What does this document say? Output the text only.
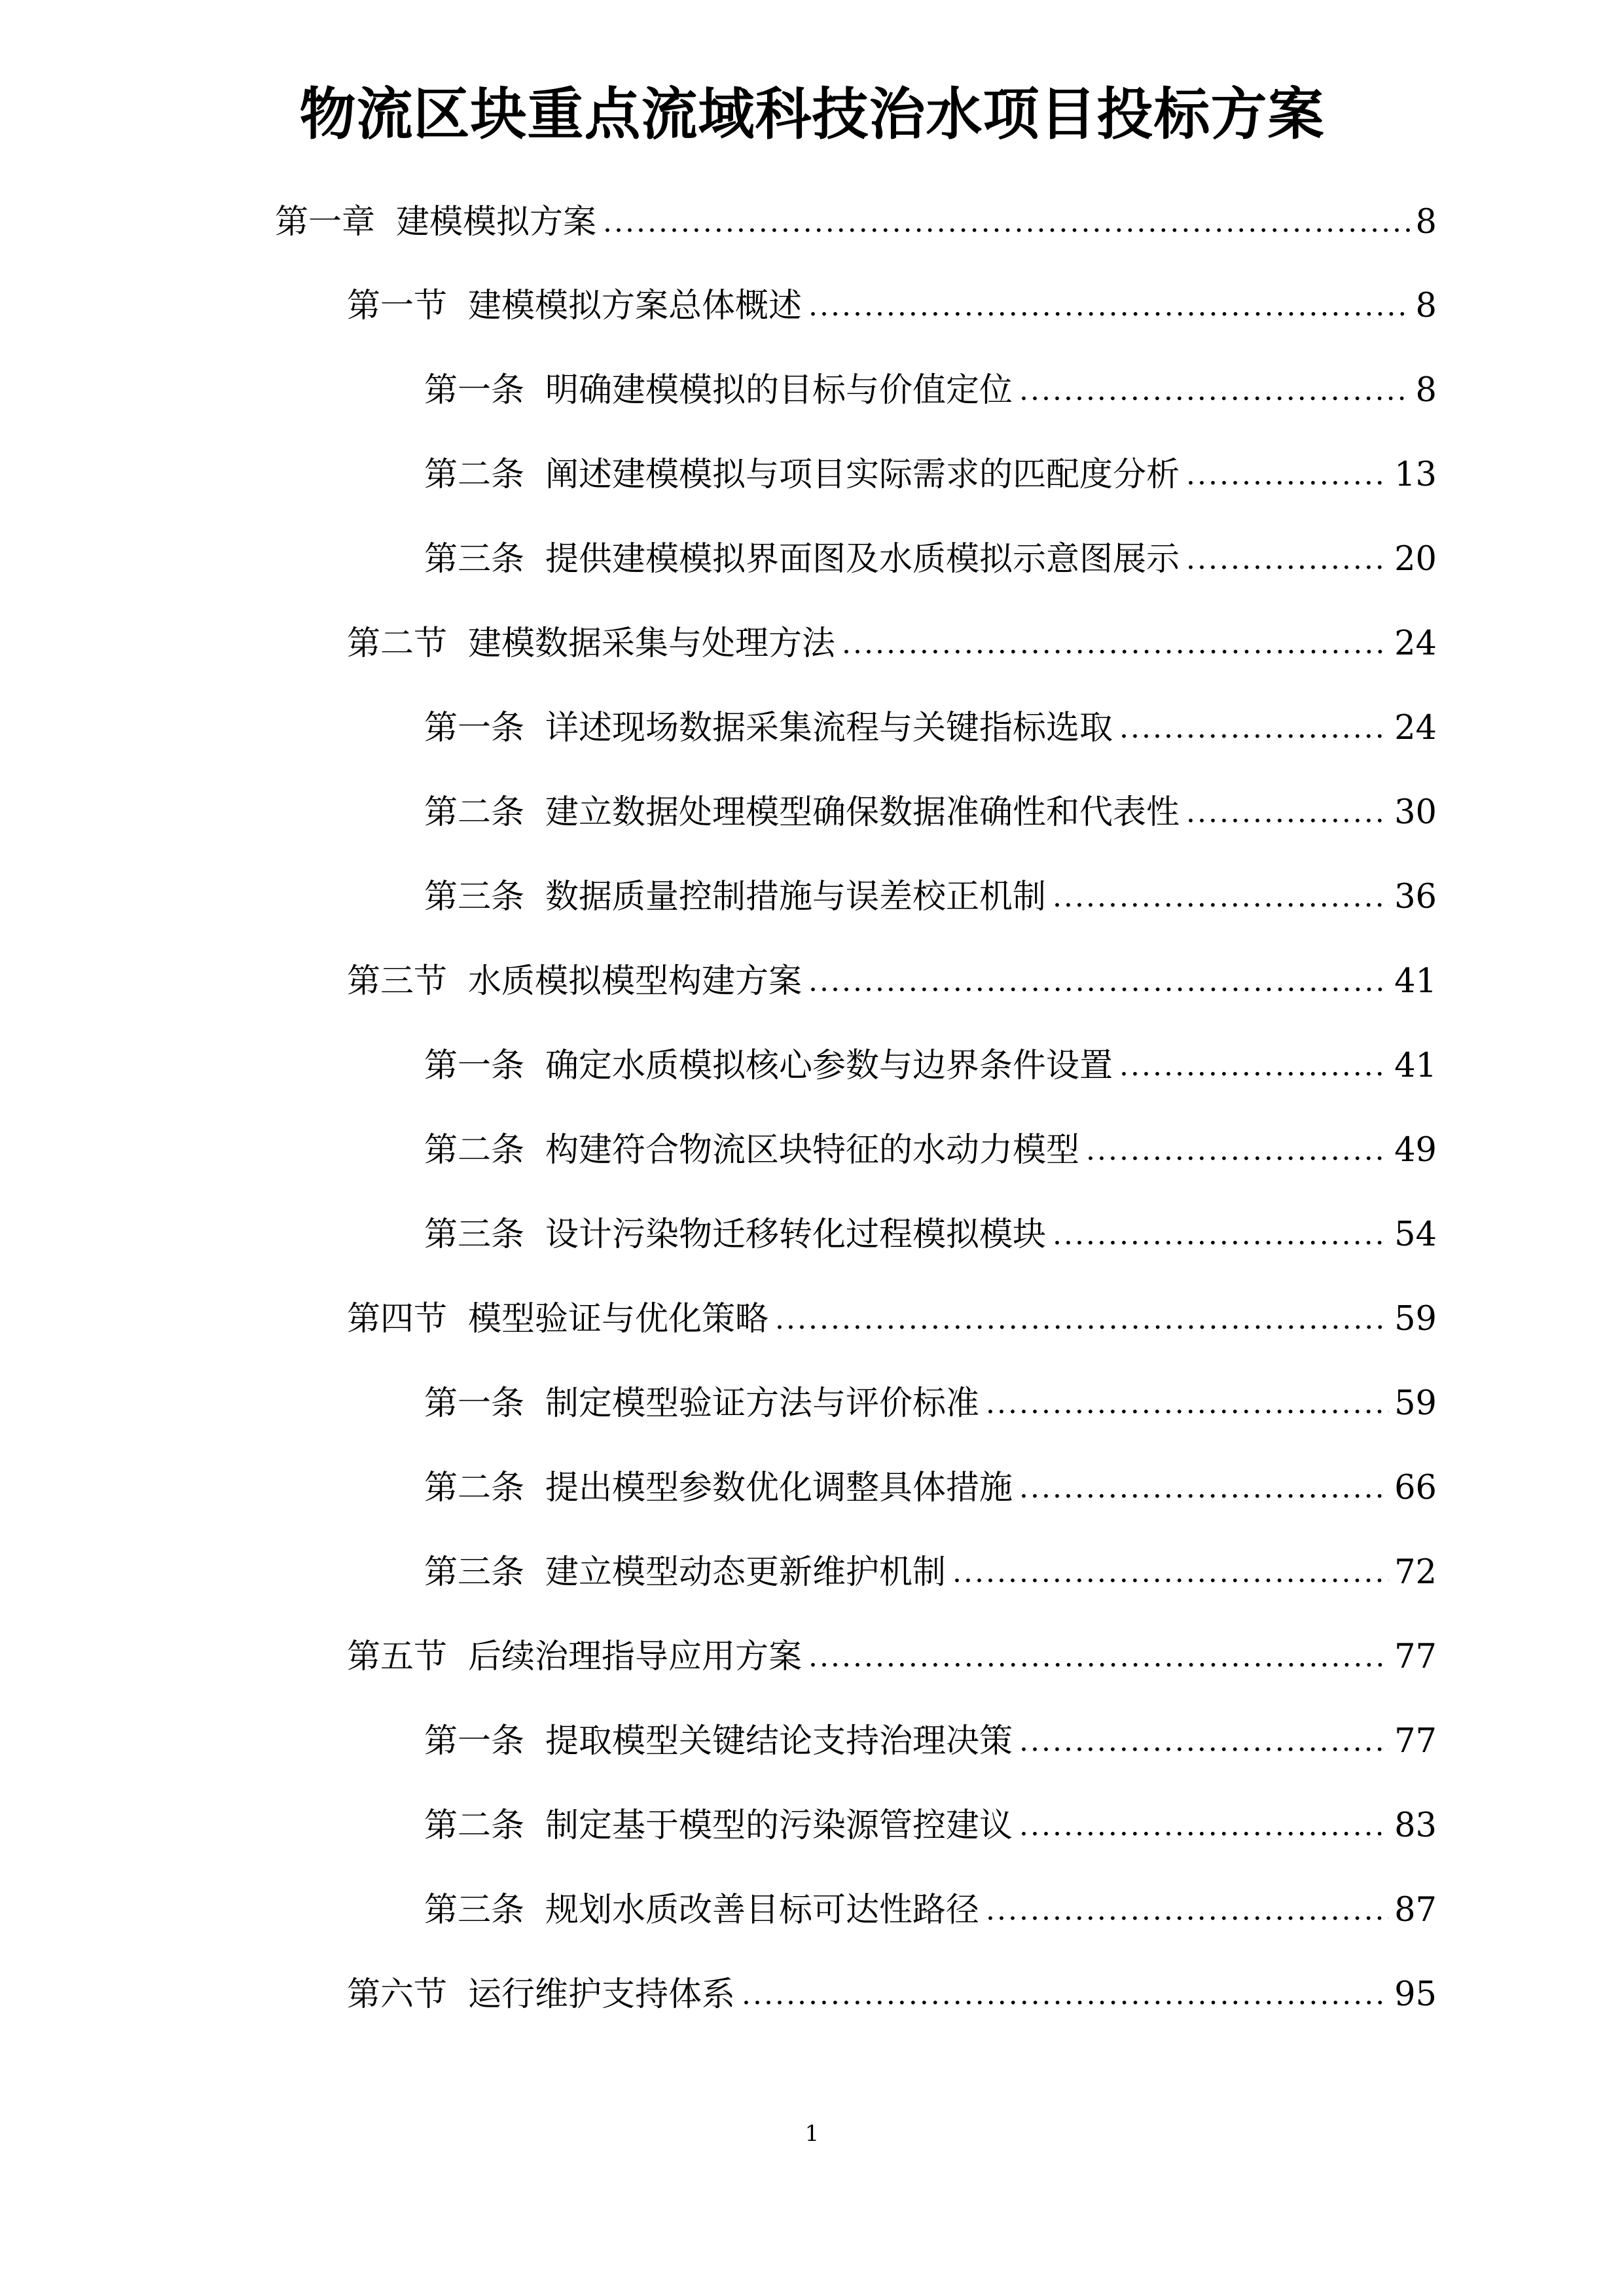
物流区块重点流域科技治水项目投标方案
第一章 建模模拟方案 .....	8
第一节 建模模拟方案总体概述 .....	8
第一条 明确建模模拟的目标与价值定位 .....	8
第二条 阐述建模模拟与项目实际需求的匹配度分析 .....	13
第三条 提供建模模拟界面图及水质模拟示意图展示 .....	20
第二节 建模数据采集与处理方法 .....	24
第一条 详述现场数据采集流程与关键指标选取 .....	24
第二条 建立数据处理模型确保数据准确性和代表性 .....	30
第三条 数据质量控制措施与误差校正机制 .....	36
第三节 水质模拟模型构建方案 .....	41
第一条 确定水质模拟核心参数与边界条件设置 .....	41
第二条 构建符合物流区块特征的水动力模型 .....	49
第三条 设计污染物迁移转化过程模拟模块 .....	54
第四节 模型验证与优化策略 .....	59
第一条 制定模型验证方法与评价标准 .....	59
第二条 提出模型参数优化调整具体措施 .....	66
第三条 建立模型动态更新维护机制 .....	72
第五节 后续治理指导应用方案 .....	77
第一条 提取模型关键结论支持治理决策 .....	77
第二条 制定基于模型的污染源管控建议 .....	83
第三条 规划水质改善目标可达性路径 .....	87
第六节 运行维护支持体系 .....	95
1
